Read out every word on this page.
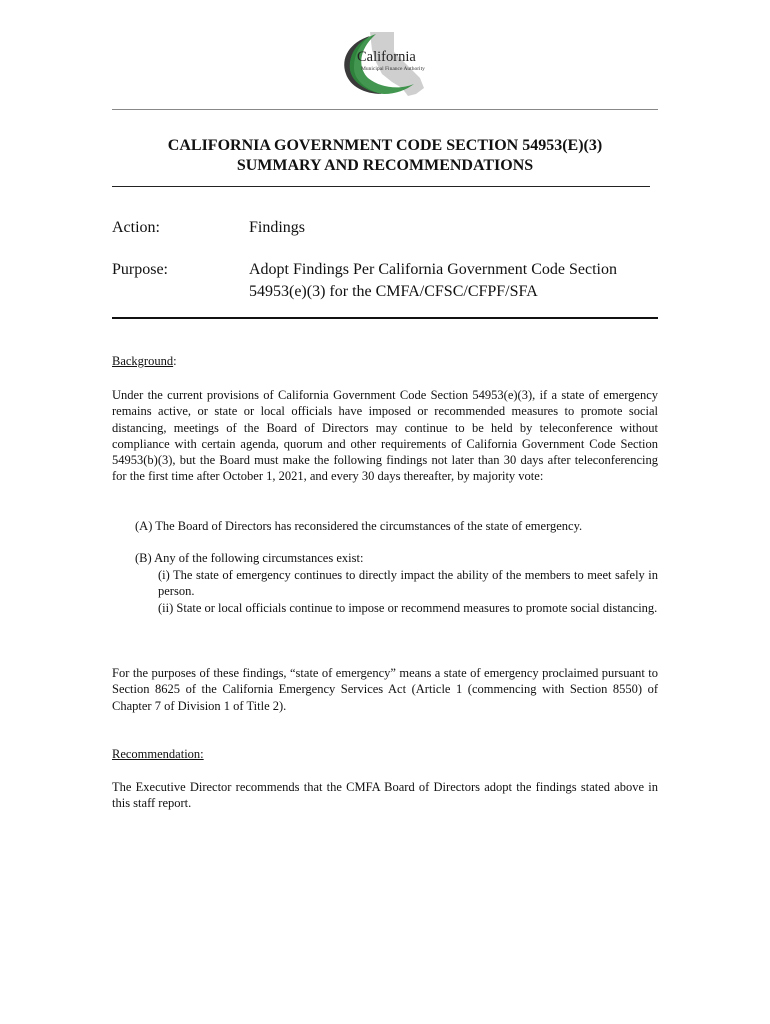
California
Municipal Finance Authority
CALIFORNIA GOVERNMENT CODE SECTION 54953(E)(3)
SUMMARY AND RECOMMENDATIONS
Action:	Findings
Purpose:	Adopt Findings Per California Government Code Section 54953(e)(3) for the CMFA/CFSC/CFPF/SFA
Background:
Under the current provisions of California Government Code Section 54953(e)(3), if a state of emergency remains active, or state or local officials have imposed or recommended measures to promote social distancing, meetings of the Board of Directors may continue to be held by teleconference without compliance with certain agenda, quorum and other requirements of California Government Code Section 54953(b)(3), but the Board must make the following findings not later than 30 days after teleconferencing for the first time after October 1, 2021, and every 30 days thereafter, by majority vote:
(A) The Board of Directors has reconsidered the circumstances of the state of emergency.
(B) Any of the following circumstances exist:
(i) The state of emergency continues to directly impact the ability of the members to meet safely in person.
(ii) State or local officials continue to impose or recommend measures to promote social distancing.
For the purposes of these findings, “state of emergency” means a state of emergency proclaimed pursuant to Section 8625 of the California Emergency Services Act (Article 1 (commencing with Section 8550) of Chapter 7 of Division 1 of Title 2).
Recommendation:
The Executive Director recommends that the CMFA Board of Directors adopt the findings stated above in this staff report.
